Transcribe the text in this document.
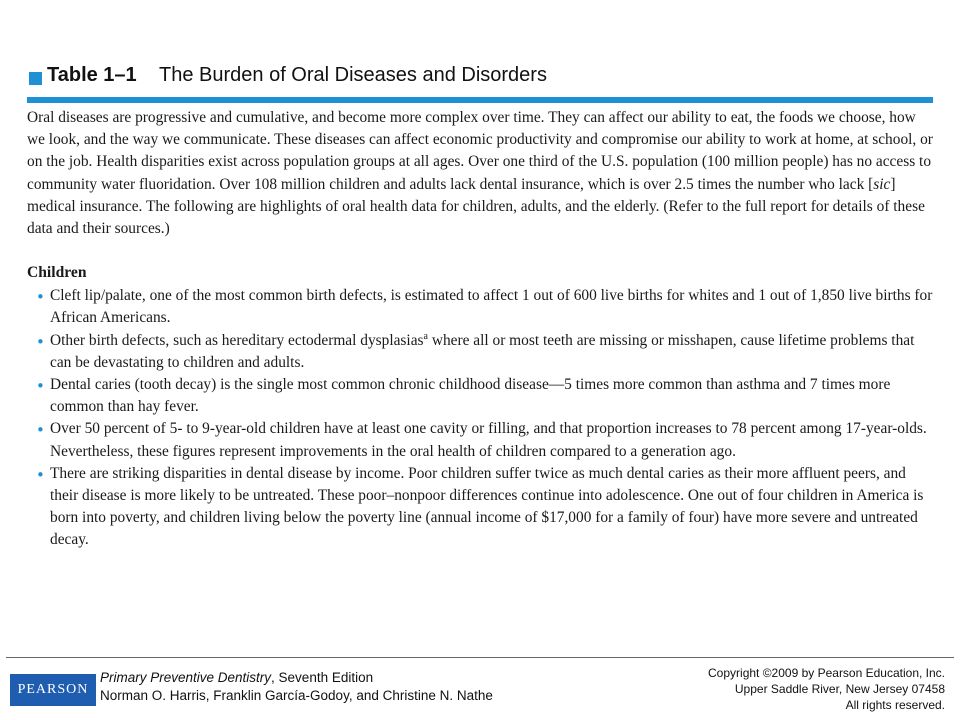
Table 1–1 The Burden of Oral Diseases and Disorders

Oral diseases are progressive and cumulative, and become more complex over time. They can affect our ability to eat, the foods we choose, how we look, and the way we communicate. These diseases can affect economic productivity and compromise our ability to work at home, at school, or on the job. Health disparities exist across population groups at all ages. Over one third of the U.S. population (100 million people) has no access to community water fluoridation. Over 108 million children and adults lack dental insurance, which is over 2.5 times the number who lack [sic] medical insurance. The following are highlights of oral health data for children, adults, and the elderly. (Refer to the full report for details of these data and their sources.)

Children
• Cleft lip/palate, one of the most common birth defects, is estimated to affect 1 out of 600 live births for whites and 1 out of 1,850 live births for African Americans.
• Other birth defects, such as hereditary ectodermal dysplasias$^a$ where all or most teeth are missing or misshapen, cause lifetime problems that can be devastating to children and adults.
• Dental caries (tooth decay) is the single most common chronic childhood disease—5 times more common than asthma and 7 times more common than hay fever.
• Over 50 percent of 5- to 9-year-old children have at least one cavity or filling, and that proportion increases to 78 percent among 17-year-olds. Nevertheless, these figures represent improvements in the oral health of children compared to a generation ago.
• There are striking disparities in dental disease by income. Poor children suffer twice as much dental caries as their more affluent peers, and their disease is more likely to be untreated. These poor–nonpoor differences continue into adolescence. One out of four children in America is born into poverty, and children living below the poverty line (annual income of $17,000 for a family of four) have more severe and untreated decay.
PEARSON
Primary Preventive Dentistry, Seventh Edition
Norman O. Harris, Franklin García-Godoy, and Christine N. Nathe
Copyright ©2009 by Pearson Education, Inc.
Upper Saddle River, New Jersey 07458
All rights reserved.
